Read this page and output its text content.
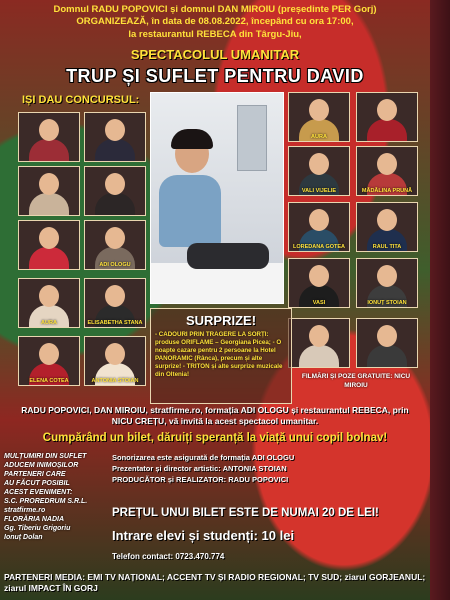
Domnul RADU POPOVICI și domnul DAN MIROIU (președinte PER Gorj)
ORGANIZEAZĂ, în data de 08.08.2022, începând cu ora 17:00,

la restaurantul REBECA din Târgu-Jiu,

SPECTACOLUL UMANITAR

TRUP ȘI SUFLET PENTRU DAVID

IȘI DAU CONCURSUL:
AURA
VALI VIJELIE	MĂDĂLINA PRUNĂ
ADI OLOGU
LOREDANA GOTEA	RAUL TITA
AURA	ELISABETHA STANA
VASI	IONUȚ STOIAN
ELENA COTEA	ANTONIA STOIAN

SURPRIZE!

- CADOURI PRIN TRAGERE LA SORȚI: produse ORIFLAME – Georgiana Picea; - O noapte cazare pentru 2 persoane la Hotel PANORAMIC (Rânca), precum și alte surprize! - TRITON și alte surprize muzicale din Oltenia!	FILMĂRI ȘI POZE GRATUITE: NICU MIROIU

RADU POPOVICI, DAN MIROIU, stratfirme.ro, formația ADI OLOGU și restaurantul REBECA, prin NICU CREȚU, vă invită la acest spectacol umanitar.

Cumpărând un bilet, dăruiți speranță la viață unui copil bolnav!

MULȚUMIRI DIN SUFLET
ADUCEM INIMOȘILOR
PARTENERI CARE
AU FĂCUT POSIBIL
ACEST EVENIMENT:
S.C. PROREDRUM S.R.L.
stratfirme.ro
FLORĂRIA NADIA
Gg. Tiberiu Grigoriu
Ionuț Dolan

Sonorizarea este asigurată de formația ADI OLOGU
Prezentator și director artistic: ANTONIA STOIAN
PRODUCĂTOR și REALIZATOR: RADU POPOVICI

PREȚUL UNUI BILET ESTE DE NUMAI 20 DE LEI!

Intrare elevi și studenți: 10 lei

Telefon contact: 0723.470.774

PARTENERI MEDIA: EMI TV NAȚIONAL; ACCENT TV ȘI RADIO REGIONAL; TV SUD; ziarul GORJEANUL; ziarul IMPACT ÎN GORJ
